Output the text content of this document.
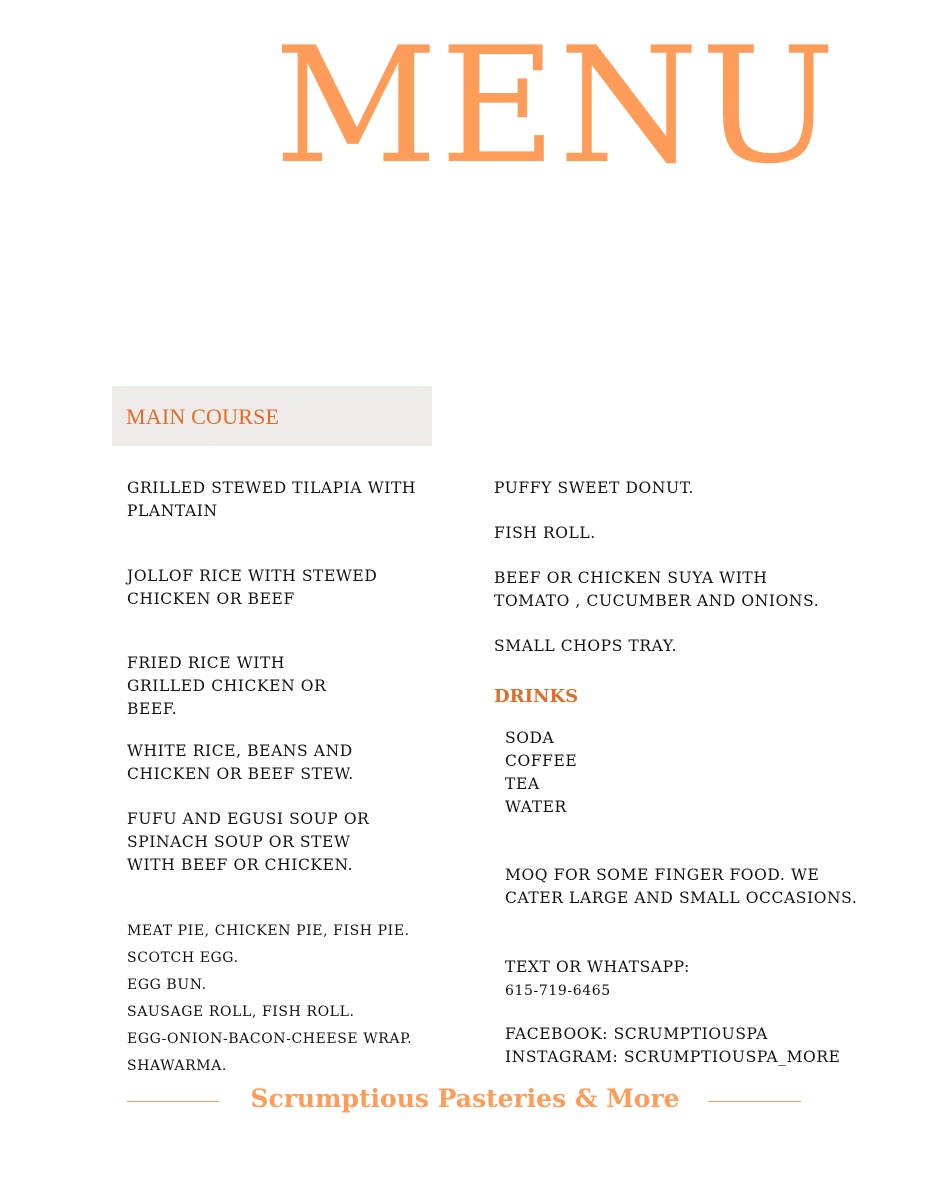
MENU
MAIN COURSE
GRILLED STEWED TILAPIA WITH
PLANTAIN
JOLLOF RICE WITH STEWED
CHICKEN OR BEEF
FRIED RICE WITH
GRILLED CHICKEN OR
BEEF.
WHITE RICE, BEANS AND
CHICKEN OR BEEF STEW.
FUFU AND EGUSI SOUP OR
SPINACH SOUP OR STEW
WITH BEEF OR CHICKEN.
MEAT PIE, CHICKEN PIE, FISH PIE.
SCOTCH EGG.
EGG BUN.
SAUSAGE ROLL, FISH ROLL.
EGG-ONION-BACON-CHEESE WRAP.
SHAWARMA.
PUFFY SWEET DONUT.
FISH ROLL.
BEEF OR CHICKEN SUYA WITH
TOMATO , CUCUMBER AND ONIONS.
SMALL CHOPS TRAY.
DRINKS
SODA
COFFEE
TEA
WATER
MOQ FOR SOME FINGER FOOD. WE
CATER LARGE AND SMALL OCCASIONS.
TEXT OR WHATSAPP:
615-719-6465
FACEBOOK: SCRUMPTIOUSPA
INSTAGRAM: SCRUMPTIOUSPA_MORE
Scrumptious Pasteries & More
